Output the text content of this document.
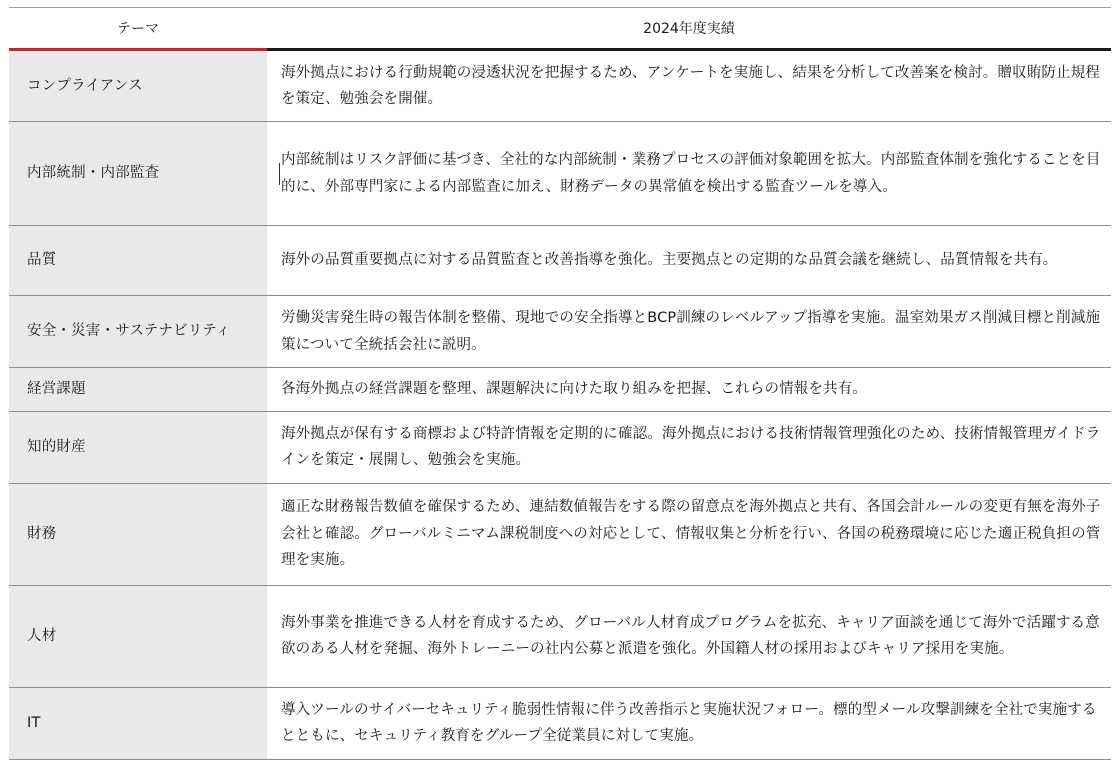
テーマ	2024年度実績
コンプライアンス	海外拠点における行動規範の浸透状況を把握するため、アンケートを実施し、結果を分析して改善案を検討。贈収賄防止規程を策定、勉強会を開催。
内部統制・内部監査	内部統制はリスク評価に基づき、全社的な内部統制・業務プロセスの評価対象範囲を拡大。内部監査体制を強化することを目的に、外部専門家による内部監査に加え、財務データの異常値を検出する監査ツールを導入。
品質	海外の品質重要拠点に対する品質監査と改善指導を強化。主要拠点との定期的な品質会議を継続し、品質情報を共有。
安全・災害・サステナビリティ	労働災害発生時の報告体制を整備、現地での安全指導とBCP訓練のレベルアップ指導を実施。温室効果ガス削減目標と削減施策について全統括会社に説明。
経営課題	各海外拠点の経営課題を整理、課題解決に向けた取り組みを把握、これらの情報を共有。
知的財産	海外拠点が保有する商標および特許情報を定期的に確認。海外拠点における技術情報管理強化のため、技術情報管理ガイドラインを策定・展開し、勉強会を実施。
財務	適正な財務報告数値を確保するため、連結数値報告をする際の留意点を海外拠点と共有、各国会計ルールの変更有無を海外子会社と確認。グローバルミニマム課税制度への対応として、情報収集と分析を行い、各国の税務環境に応じた適正税負担の管理を実施。
人材	海外事業を推進できる人材を育成するため、グローバル人材育成プログラムを拡充、キャリア面談を通じて海外で活躍する意欲のある人材を発掘、海外トレーニーの社内公募と派遣を強化。外国籍人材の採用およびキャリア採用を実施。
IT	導入ツールのサイバーセキュリティ脆弱性情報に伴う改善指示と実施状況フォロー。標的型メール攻撃訓練を全社で実施するとともに、セキュリティ教育をグループ全従業員に対して実施。
